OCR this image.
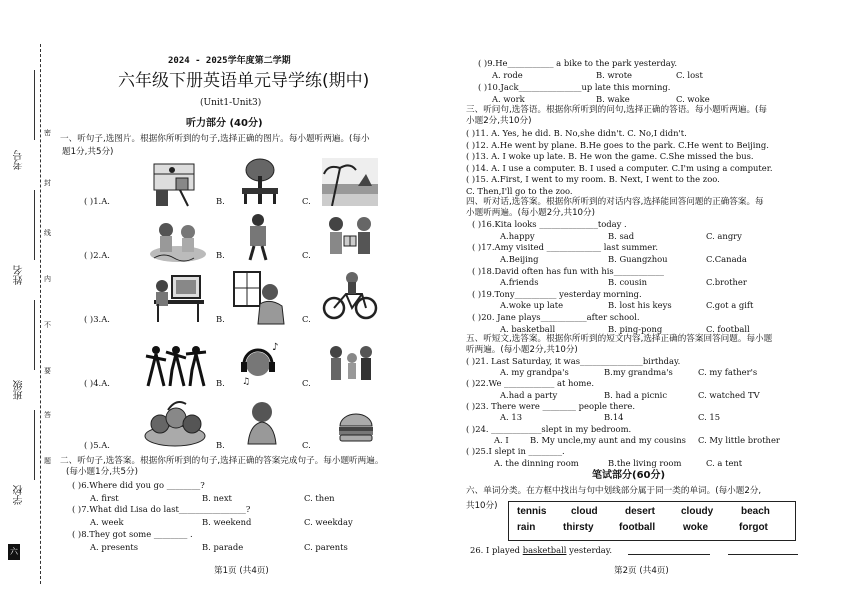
考号
姓名
班级
学校
密
封
线
内
不
要
答
题
六
2024 - 2025学年度第二学期
六年级下册英语单元导学练(期中)
(Unit1-Unit3)
听力部分 (40分)
一、听句子,选图片。根据你所听到的句子,选择正确的图片。每小题听两遍。(每小
题1分,共5分)
( )1.A.	B.	C.
( )2.A.	B.	C.
( )3.A.	B.	C.
( )4.A.	B.	C.
♪
♫
( )5.A.	B.	C.
二、听句子,选答案。根据你所听到的句子,选择正确的答案完成句子。每小题听两遍。
(每小题1分,共5分)
( )6.Where did you go ________?
A. first	B. next	C. then
( )7.What did Lisa do last________________?
A. week	B. weekend	C. weekday
( )8.They got some ________ .
A. presents	B. parade	C. parents
第1页 (共4页)
( )9.He___________ a bike to the park yesterday.
A. rode	B. wrote	C. lost
( )10.Jack_______________up late this morning.
A. work	B. wake	C. woke
三、听问句,选答语。根据你所听到的问句,选择正确的答语。每小题听两遍。(每
小题2分,共10分)
( )11. A. Yes, he did. B. No,she didn't. C. No,I didn't.
( )12. A.He went by plane. B.He goes to the park. C.He went to Beijing.
( )13. A. I woke up late. B. He won the game. C.She missed the bus.
( )14. A. I use a computer. B. I used a computer. C.I'm using a computer.
( )15. A.First, I went to my room. B. Next, I went to the zoo.
C. Then,I'll go to the zoo.
四、听对话,选答案。根据你所听到的对话内容,选择能回答问题的正确答案。每
小题听两遍。(每小题2分,共10分)
( )16.Kita looks ______________today .
A.happy	B. sad	C. angry
( )17.Amy visited _____________ last summer.
A.Beijing	B. Guangzhou	C.Canada
( )18.David often has fun with his____________
A.friends	B. cousin	C.brother
( )19.Tony__________ yesterday morning.
A.woke up late	B. lost his keys	C.got a gift
( )20. Jane plays___________after school.
A. basketball	B. ping-pong	C. football
五、听短文,选答案。根据你所听到的短文内容,选择正确的答案回答问题。每小题
听两遍。(每小题2分,共10分)
( )21. Last Saturday, it was_______________birthday.
A. my grandpa's	B.my grandma's	C. my father's
( )22.We ____________ at home.
A.had a party	B. had a picnic	C. watched TV
( )23. There were ________ people there.
A. 13	B.14	C. 15
( )24. ____________slept in my bedroom.
A. I	B. My uncle,my aunt and my cousins C. My little brother
( )25.I slept in ________.
A. the dinning room	B.the living room	C. a tent
笔试部分(60分)
六、单词分类。在方框中找出与句中划线部分属于同一类的单词。(每小题2分,
共10分) tennis cloud	desert	cloudy	beach
rain	thirsty	football	woke	forgot
26. I played basketball yesterday.
第2页 (共4页)
